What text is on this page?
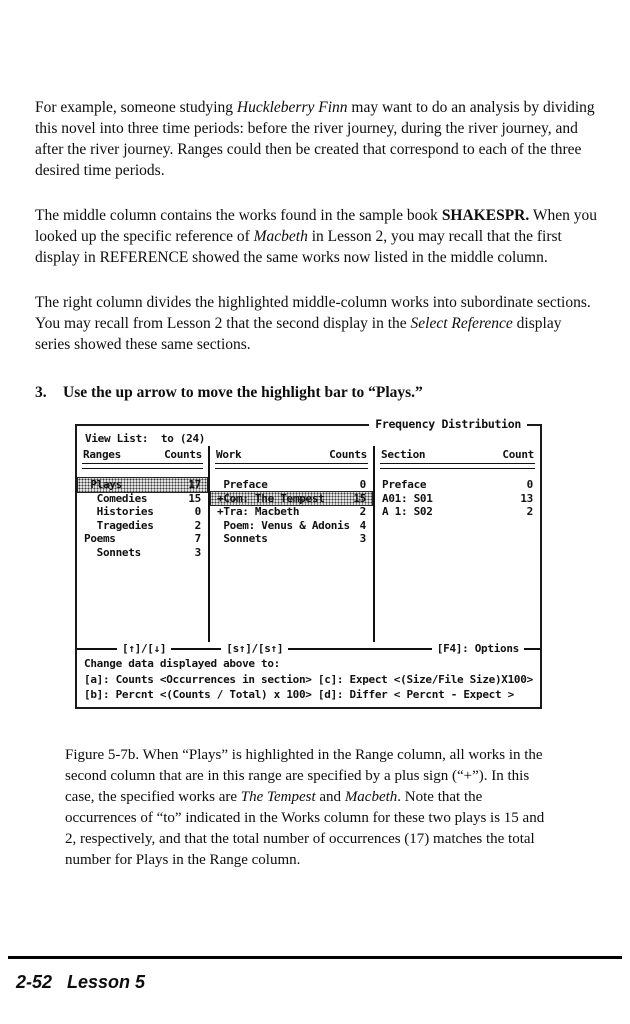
For example, someone studying Huckleberry Finn may want to do an analysis by dividing this novel into three time periods: before the river journey, during the river journey, and after the river journey. Ranges could then be created that correspond to each of the three desired time periods.

The middle column contains the works found in the sample book SHAKESPR. When you looked up the specific reference of Macbeth in Lesson 2, you may recall that the first display in REFERENCE showed the same works now listed in the middle column.

The right column divides the highlighted middle-column works into subordinate sections. You may recall from Lesson 2 that the second display in the Select Reference display series showed these same sections.

3.	Use the up arrow to move the highlight bar to “Plays.”
Frequency Distribution
View List:  to (24)
Ranges	Counts
Plays	17
Comedies	15
Histories	0
Tragedies	2
Poems	7
Sonnets	3
Work	Counts
Preface	0
+Com: The Tempest	15
+Tra: Macbeth	2
Poem: Venus & Adonis 4
Sonnets	3
Section	Count
Preface	0
A01: S01	13
A 1: S02	2
[↑]/[↓]	[s↑]/[s↑]	[F4]: Options
Change data displayed above to:
[a]: Counts <Occurrences in section> [c]: Expect <(Size/File Size)X100>
[b]: Percnt <(Counts / Total) x 100> [d]: Differ < Percnt - Expect >

Figure 5-7b. When “Plays” is highlighted in the Range column, all works in the second column that are in this range are specified by a plus sign (“+”). In this case, the specified works are The Tempest and Macbeth. Note that the occurrences of “to” indicated in the Works column for these two plays is 15 and 2, respectively, and that the total number of occurrences (17) matches the total number for Plays in the Range column.

2-52 Lesson 5
